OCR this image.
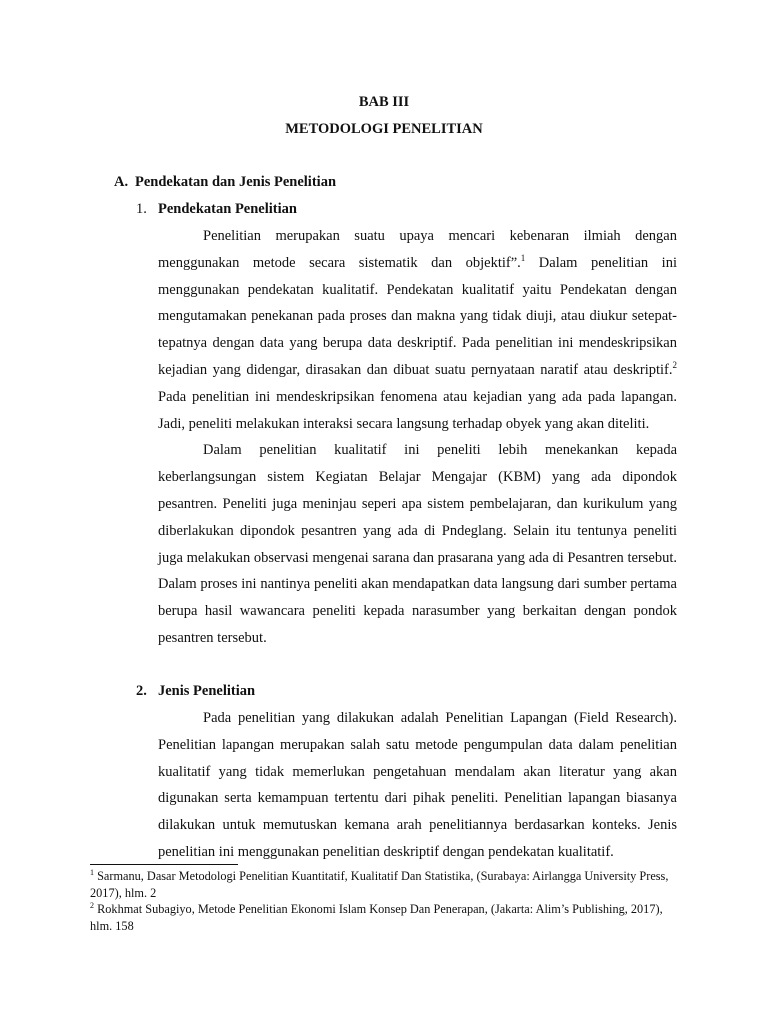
BAB III
METODOLOGI PENELITIAN
A. Pendekatan dan Jenis Penelitian
1. Pendekatan Penelitian

Penelitian merupakan suatu upaya mencari kebenaran ilmiah dengan menggunakan metode secara sistematik dan objektif”.$^1$ Dalam penelitian ini menggunakan pendekatan kualitatif. Pendekatan kualitatif yaitu Pendekatan dengan mengutamakan penekanan pada proses dan makna yang tidak diuji, atau diukur setepat- tepatnya dengan data yang berupa data deskriptif. Pada penelitian ini mendeskripsikan kejadian yang didengar, dirasakan dan dibuat suatu pernyataan naratif atau deskriptif.$^2$ Pada penelitian ini mendeskripsikan fenomena atau kejadian yang ada pada lapangan. Jadi, peneliti melakukan interaksi secara langsung terhadap obyek yang akan diteliti.

Dalam penelitian kualitatif ini peneliti lebih menekankan kepada keberlangsungan sistem Kegiatan Belajar Mengajar (KBM) yang ada dipondok pesantren. Peneliti juga meninjau seperi apa sistem pembelajaran, dan kurikulum yang diberlakukan dipondok pesantren yang ada di Pndeglang. Selain itu tentunya peneliti juga melakukan observasi mengenai sarana dan prasarana yang ada di Pesantren tersebut. Dalam proses ini nantinya peneliti akan mendapatkan data langsung dari sumber pertama berupa hasil wawancara peneliti kepada narasumber yang berkaitan dengan pondok pesantren tersebut.

2. Jenis Penelitian

Pada penelitian yang dilakukan adalah Penelitian Lapangan (Field Research). Penelitian lapangan merupakan salah satu metode pengumpulan data dalam penelitian kualitatif yang tidak memerlukan pengetahuan mendalam akan literatur yang akan digunakan serta kemampuan tertentu dari pihak peneliti. Penelitian lapangan biasanya dilakukan untuk memutuskan kemana arah penelitiannya berdasarkan konteks. Jenis penelitian ini menggunakan penelitian deskriptif dengan pendekatan kualitatif.

$^1$ Sarmanu, Dasar Metodologi Penelitian Kuantitatif, Kualitatif Dan Statistika, (Surabaya: Airlangga University Press, 2017), hlm. 2

$^2$ Rokhmat Subagiyo, Metode Penelitian Ekonomi Islam Konsep Dan Penerapan, (Jakarta: Alim’s Publishing, 2017), hlm. 158
